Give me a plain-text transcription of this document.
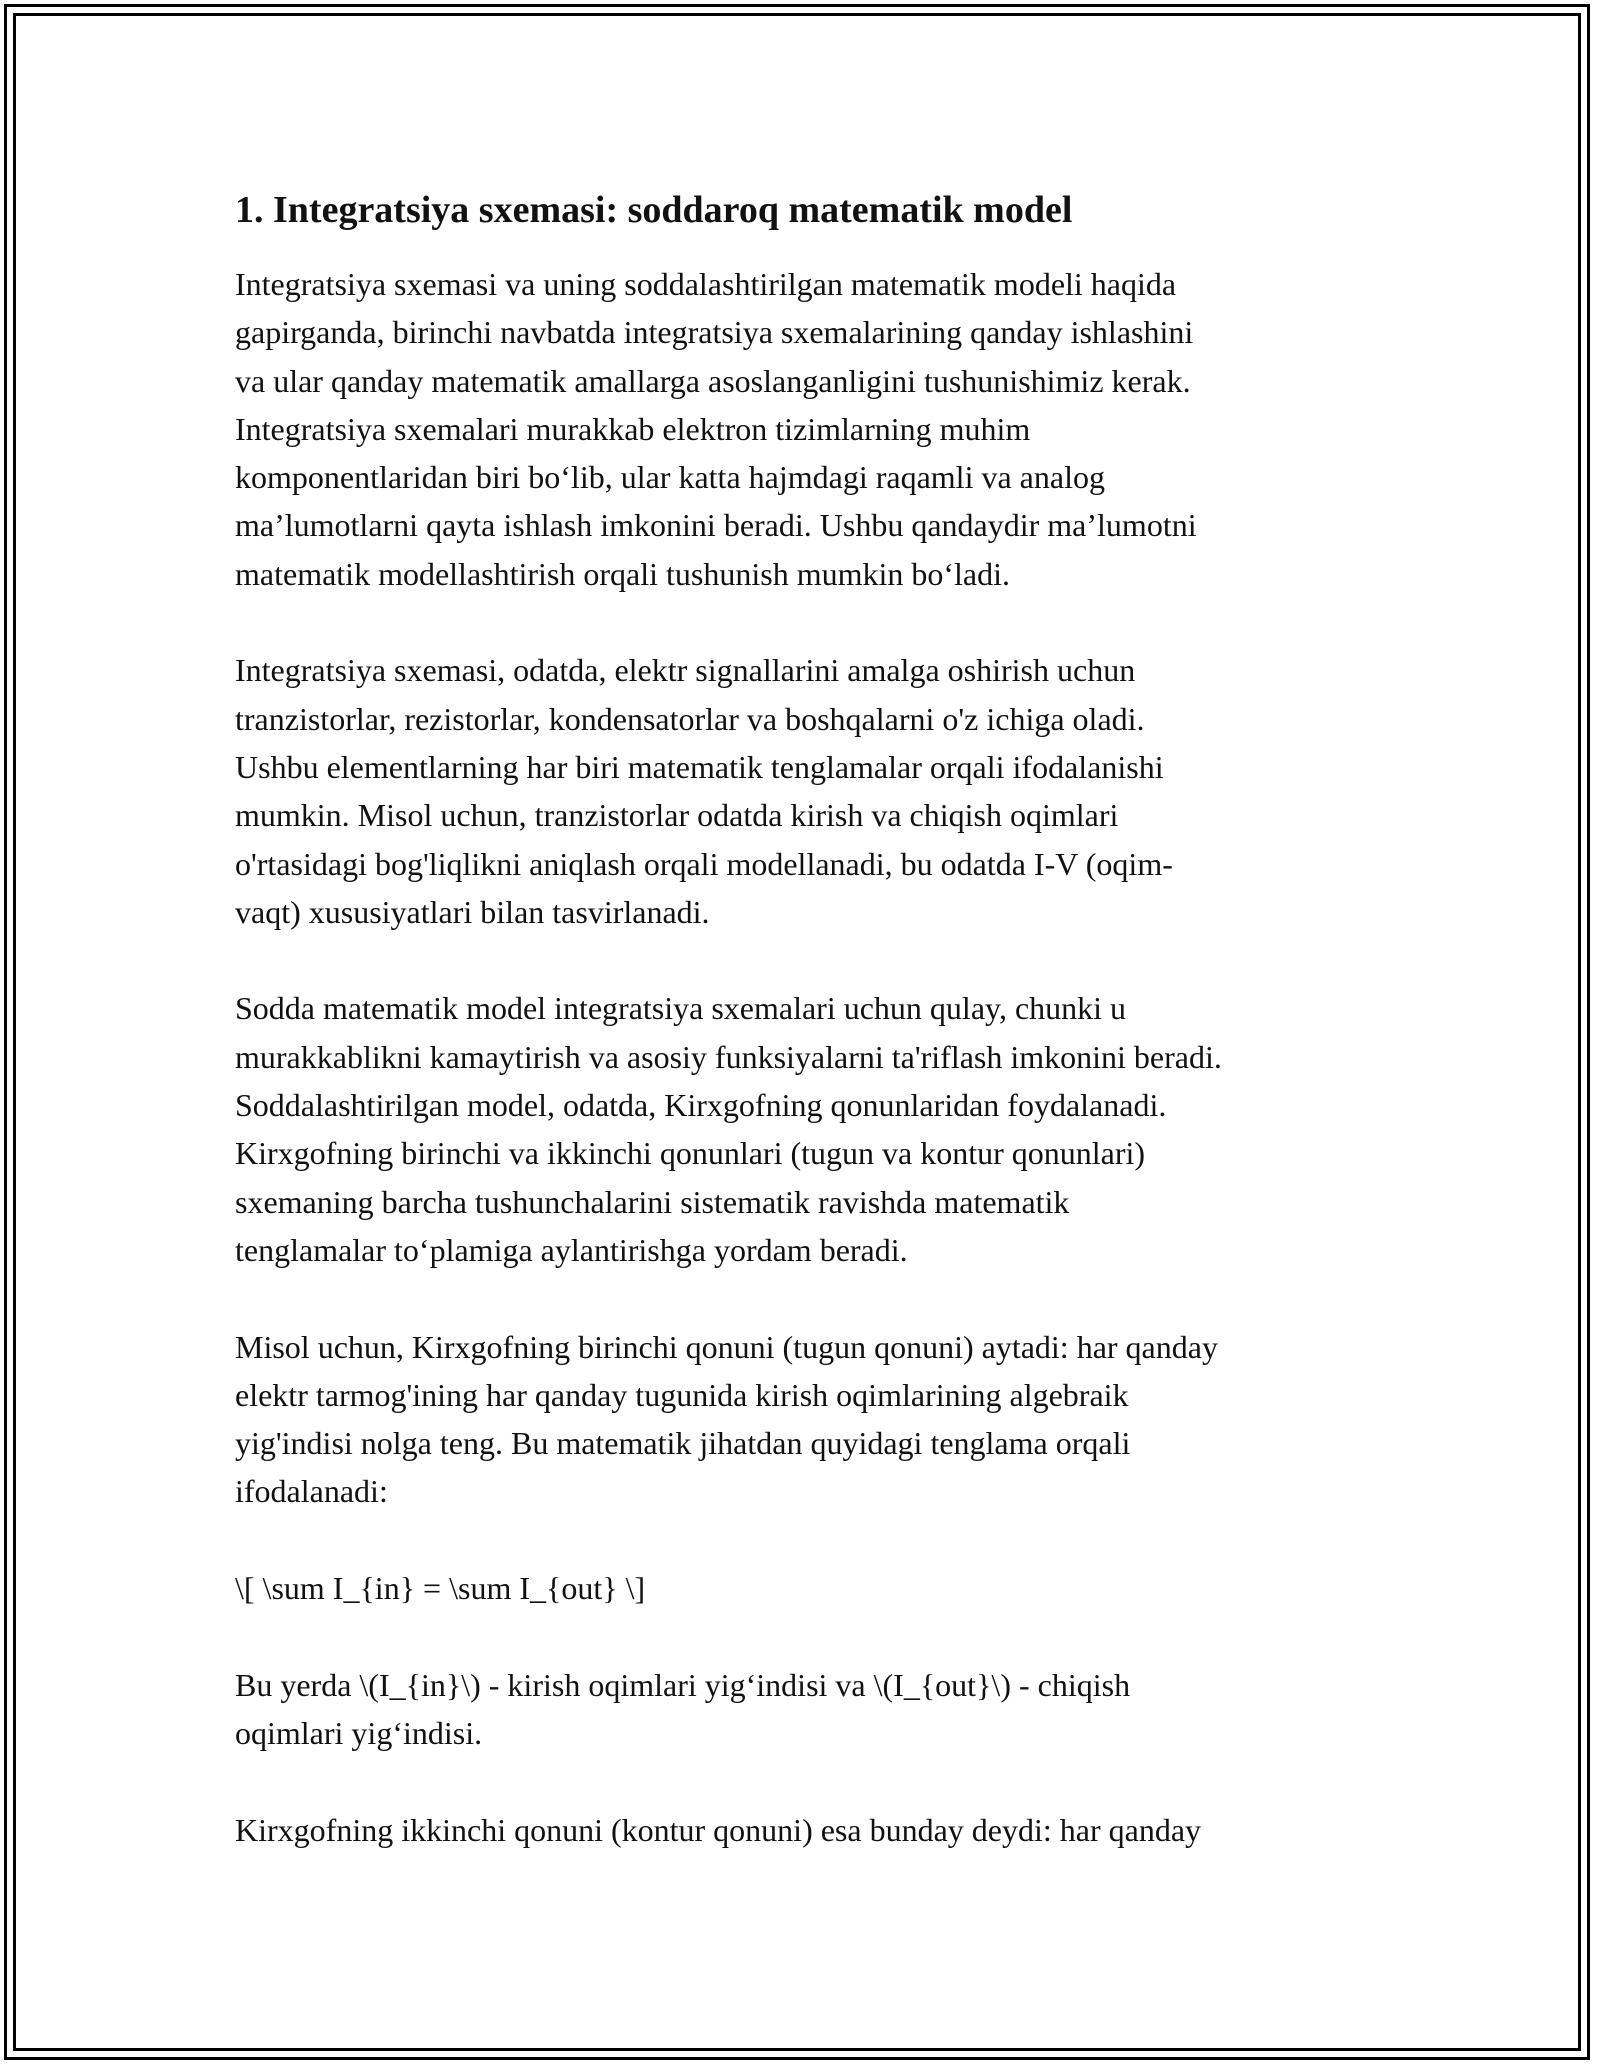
1. Integratsiya sxemasi: soddaroq matematik model

Integratsiya sxemasi va uning soddalashtirilgan matematik modeli haqida
gapirganda, birinchi navbatda integratsiya sxemalarining qanday ishlashini
va ular qanday matematik amallarga asoslanganligini tushunishimiz kerak.
Integratsiya sxemalari murakkab elektron tizimlarning muhim
komponentlaridan biri bo‘lib, ular katta hajmdagi raqamli va analog
ma’lumotlarni qayta ishlash imkonini beradi. Ushbu qandaydir ma’lumotni
matematik modellashtirish orqali tushunish mumkin bo‘ladi.

Integratsiya sxemasi, odatda, elektr signallarini amalga oshirish uchun
tranzistorlar, rezistorlar, kondensatorlar va boshqalarni o'z ichiga oladi.
Ushbu elementlarning har biri matematik tenglamalar orqali ifodalanishi
mumkin. Misol uchun, tranzistorlar odatda kirish va chiqish oqimlari
o'rtasidagi bog'liqlikni aniqlash orqali modellanadi, bu odatda I-V (oqim-
vaqt) xususiyatlari bilan tasvirlanadi.

Sodda matematik model integratsiya sxemalari uchun qulay, chunki u
murakkablikni kamaytirish va asosiy funksiyalarni ta'riflash imkonini beradi.
Soddalashtirilgan model, odatda, Kirxgofning qonunlaridan foydalanadi.
Kirxgofning birinchi va ikkinchi qonunlari (tugun va kontur qonunlari)
sxemaning barcha tushunchalarini sistematik ravishda matematik
tenglamalar to‘plamiga aylantirishga yordam beradi.

Misol uchun, Kirxgofning birinchi qonuni (tugun qonuni) aytadi: har qanday
elektr tarmog'ining har qanday tugunida kirish oqimlarining algebraik
yig'indisi nolga teng. Bu matematik jihatdan quyidagi tenglama orqali
ifodalanadi:

\[ \sum I_{in} = \sum I_{out} \]

Bu yerda \(I_{in}\) - kirish oqimlari yig‘indisi va \(I_{out}\) - chiqish
oqimlari yig‘indisi.

Kirxgofning ikkinchi qonuni (kontur qonuni) esa bunday deydi: har qanday
